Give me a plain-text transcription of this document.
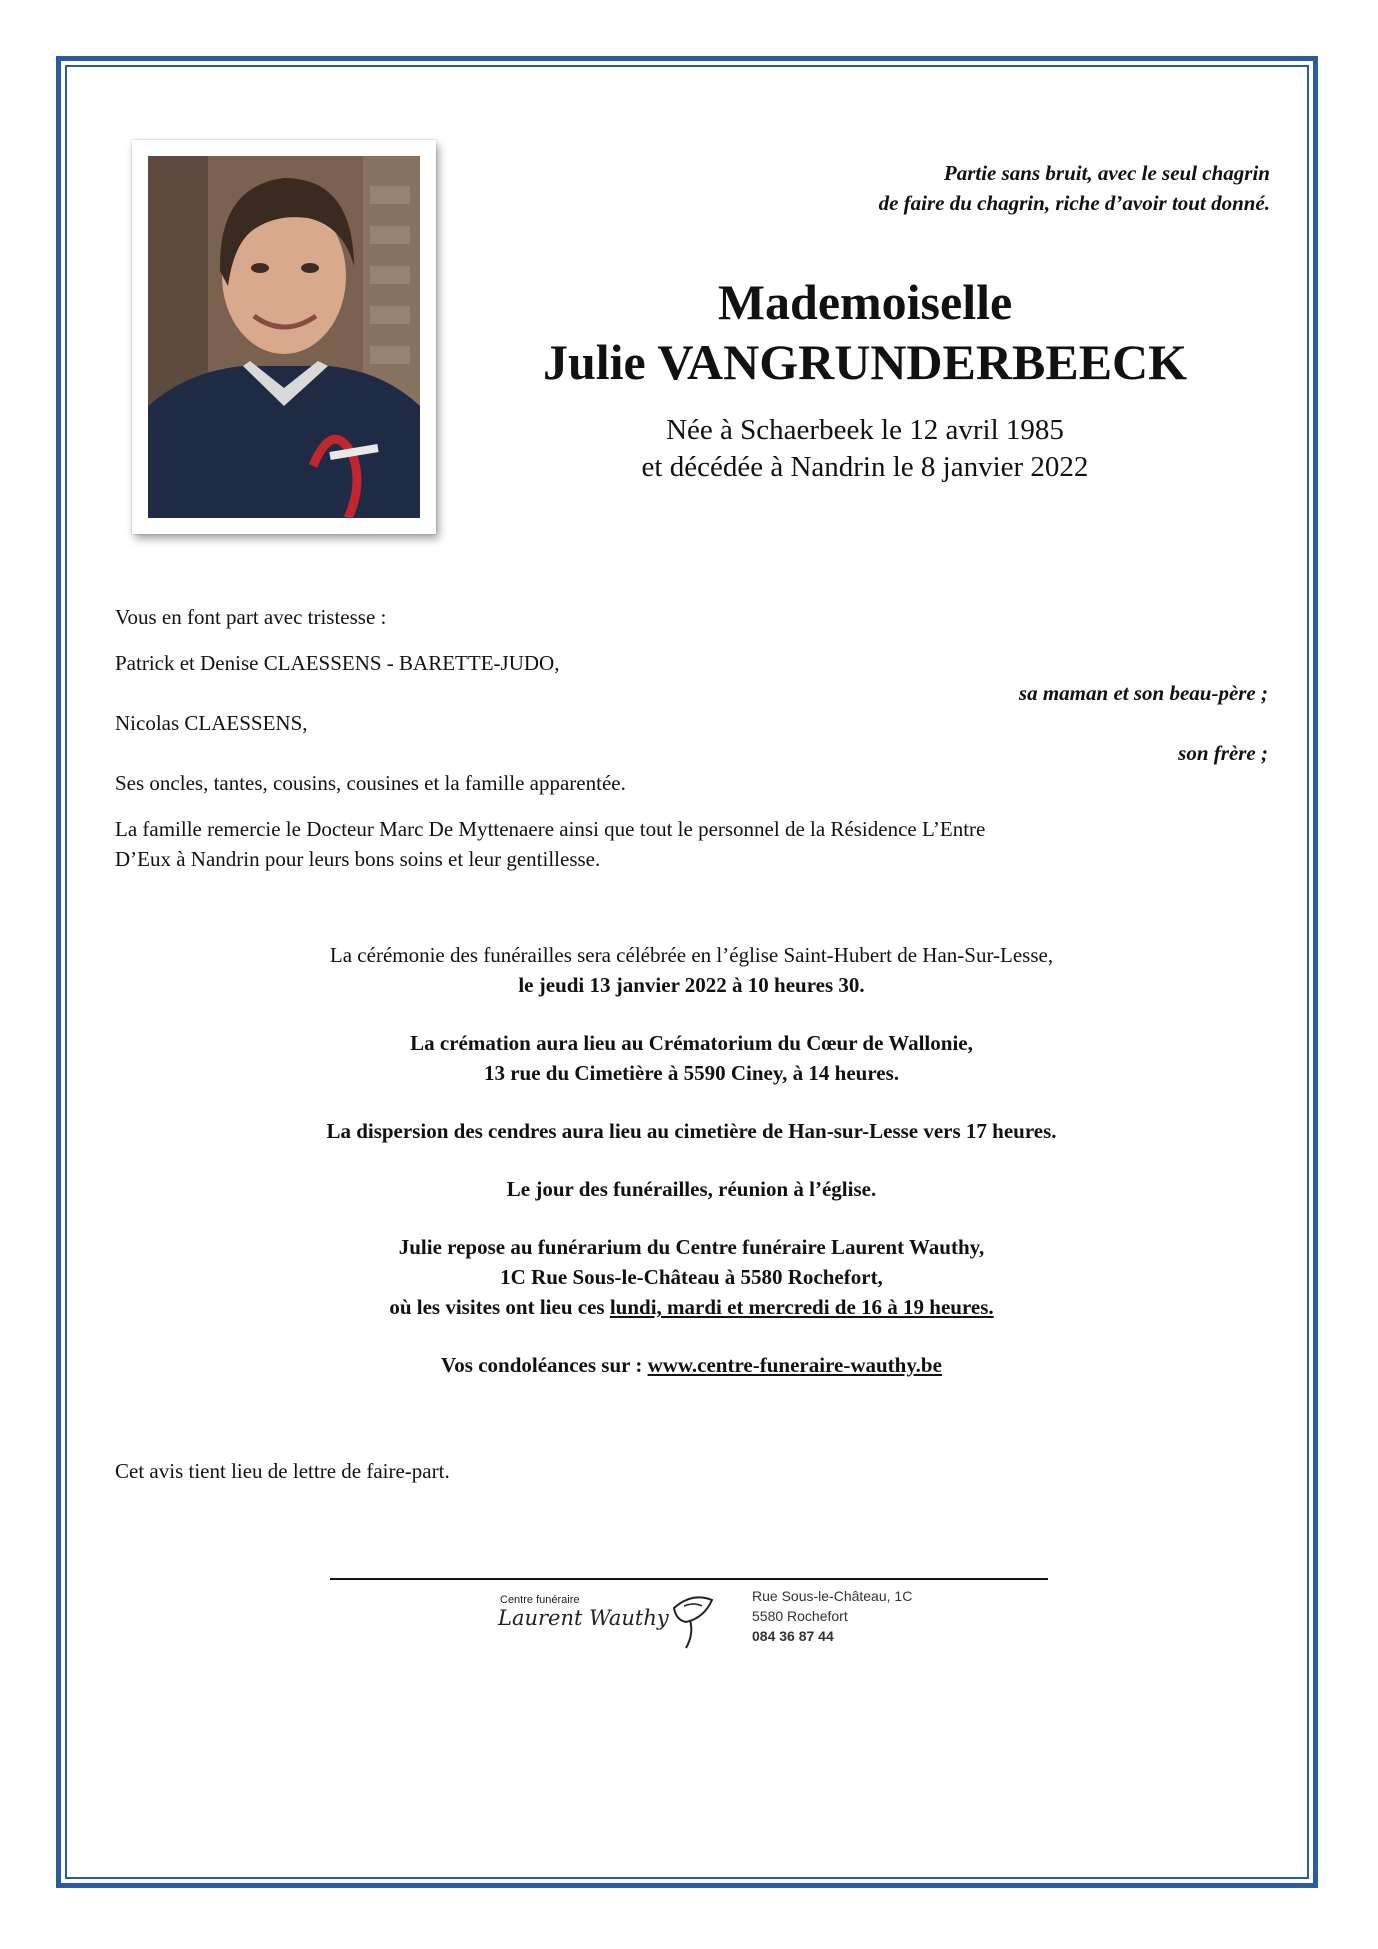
Partie sans bruit, avec le seul chagrin
de faire du chagrin, riche d’avoir tout donné.
Mademoiselle
Julie VANGRUNDERBEECK
Née à Schaerbeek le 12 avril 1985
et décédée à Nandrin le 8 janvier 2022
Vous en font part avec tristesse :
Patrick et Denise CLAESSENS - BARETTE-JUDO,
sa maman et son beau-père ;
Nicolas CLAESSENS,
son frère ;
Ses oncles, tantes, cousins, cousines et la famille apparentée.
La famille remercie le Docteur Marc De Myttenaere ainsi que tout le personnel de la Résidence L’Entre
D’Eux à Nandrin pour leurs bons soins et leur gentillesse.
La cérémonie des funérailles sera célébrée en l’église Saint-Hubert de Han-Sur-Lesse,
le jeudi 13 janvier 2022 à 10 heures 30.
La crémation aura lieu au Crématorium du Cœur de Wallonie,
13 rue du Cimetière à 5590 Ciney, à 14 heures.
La dispersion des cendres aura lieu au cimetière de Han-sur-Lesse vers 17 heures.
Le jour des funérailles, réunion à l’église.
Julie repose au funérarium du Centre funéraire Laurent Wauthy,
1C Rue Sous-le-Château à 5580 Rochefort,
où les visites ont lieu ces lundi, mardi et mercredi de 16 à 19 heures.
Vos condoléances sur : www.centre-funeraire-wauthy.be
Cet avis tient lieu de lettre de faire-part.
Centre funéraire
Laurent Wauthy
Rue Sous-le-Château, 1C
5580 Rochefort
084 36 87 44
